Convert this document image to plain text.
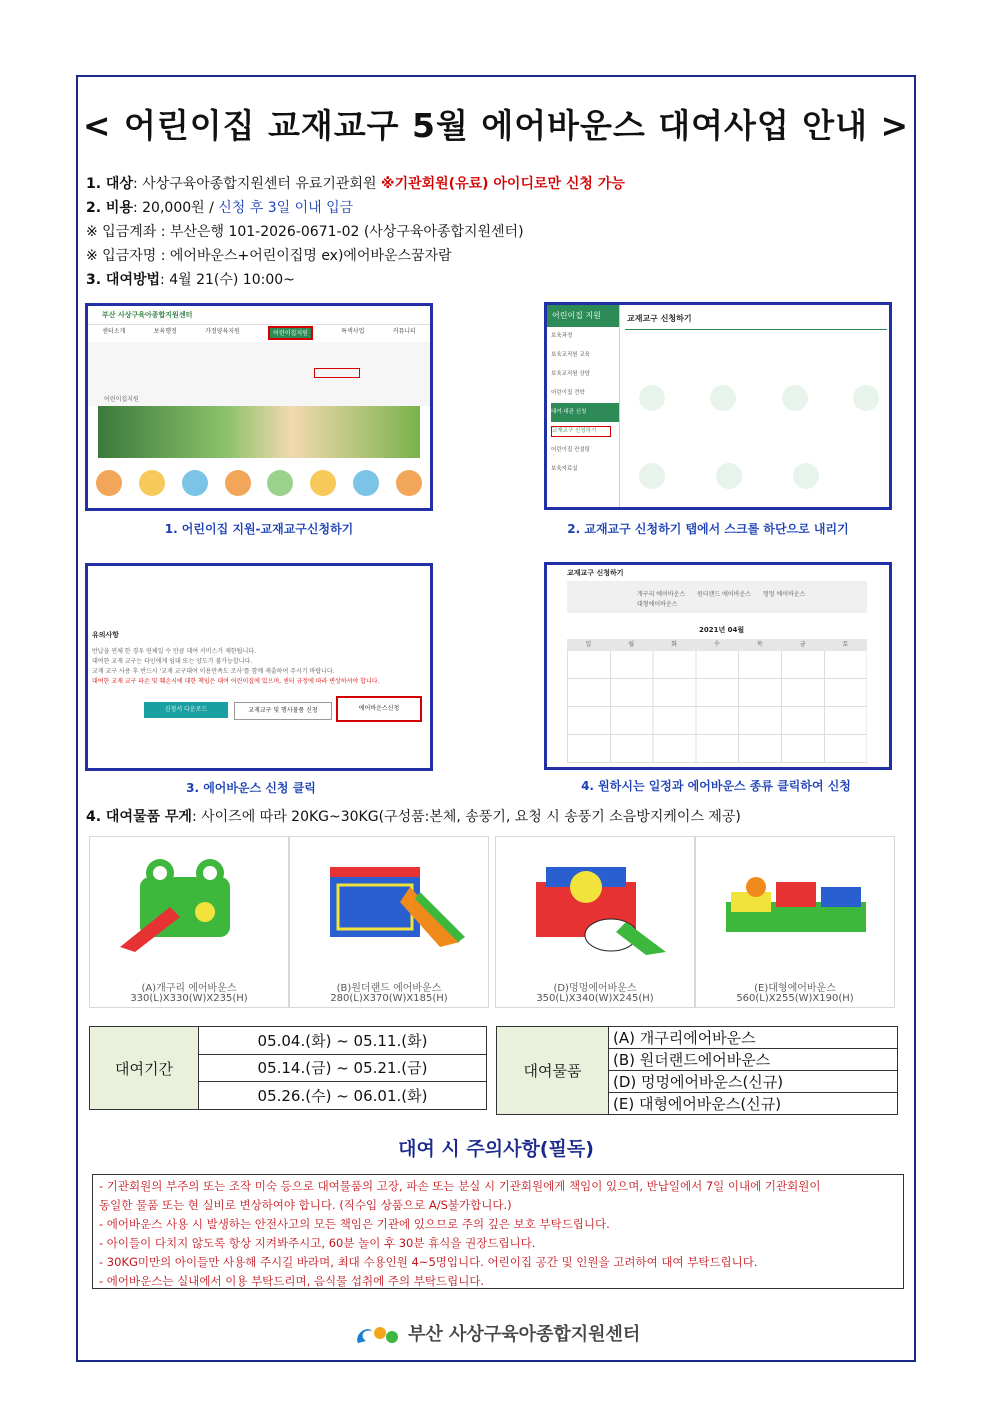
< 어린이집 교재교구 5월 에어바운스 대여사업 안내 >
1. 대상: 사상구육아종합지원센터 유료기관회원 ※기관회원(유료) 아이디로만 신청 가능
2. 비용: 20,000원 / 신청 후 3일 이내 입금
※ 입금계좌 : 부산은행 101-2026-0671-02 (사상구육아종합지원센터)
※ 입금자명 : 에어바운스+어린이집명 ex)에어바운스꿈자람
3. 대여방법: 4월 21(수) 10:00~
부산 사상구육아종합지원센터
센터소개	보육행정	가정양육지원	어린이집지원	특색사업	커뮤니티
어린이집지원
1. 어린이집 지원-교재교구신청하기
어린이집 지원
보육과정
보육교직원 교육
보육교직원 상담
어린이집 견학
대여·대관 신청
교재교구 신청하기
어린이집 컨설팅
보육자료실
교재교구 신청하기
2. 교재교구 신청하기 탭에서 스크롤 하단으로 내리기
유의사항
반납을 연체 한 경우 연체일 수 만큼 대여 서비스가 제한됩니다.
대여한 교재 교구는 타인에게 임대 또는 양도가 불가능합니다.
교재 교구 사용 후 반드시 '교재 교구대여 이용만족도 조사'를 함께 제출하여 주시기 바랍니다.
대여한 교재 교구 파손 및 훼손시에 대한 책임은 대여 어린이집에 있으며, 센터 규정에 따라 변상하셔야 합니다.
신청서 다운로드	교재교구 및 행사물품 신청	에어바운스신청
3. 에어바운스 신청 클릭
교재교구 신청하기
개구리 에어바운스 원더랜드 에어바운스 멍멍 에어바운스
대형에어바운스
2021년 04월
일	월	화	수	목	금	토
4. 원하시는 일정과 에어바운스 종류 클릭하여 신청
4. 대여물품 무게: 사이즈에 따라 20KG~30KG(구성품:본체, 송풍기, 요청 시 송풍기 소음방지케이스 제공)
(A)개구리 에어바운스
330(L)X330(W)X235(H)
(B)원더랜드 에어바운스
280(L)X370(W)X185(H)
(D)멍멍에어바운스
350(L)X340(W)X245(H)
(E)대형에어바운스
560(L)X255(W)X190(H)
대여기간	05.04.(화) ~ 05.11.(화)
05.14.(금) ~ 05.21.(금)
05.26.(수) ~ 06.01.(화)
대여물품	(A) 개구리에어바운스
(B) 원더랜드에어바운스
(D) 멍멍에어바운스(신규)
(E) 대형에어바운스(신규)
대여 시 주의사항(필독)
- 기관회원의 부주의 또는 조작 미숙 등으로 대여물품의 고장, 파손 또는 분실 시 기관회원에게 책임이 있으며, 반납일에서 7일 이내에 기관회원이
동일한 물품 또는 현 실비로 변상하여야 합니다. (직수입 상품으로 A/S불가합니다.)
- 에어바운스 사용 시 발생하는 안전사고의 모든 책임은 기관에 있으므로 주의 깊은 보호 부탁드립니다.
- 아이들이 다치지 않도록 항상 지켜봐주시고, 60분 놀이 후 30분 휴식을 권장드립니다.
- 30KG미만의 아이들만 사용해 주시길 바라며, 최대 수용인원 4~5명입니다. 어린이집 공간 및 인원을 고려하여 대여 부탁드립니다.
- 에어바운스는 실내에서 이용 부탁드리며, 음식물 섭취에 주의 부탁드립니다.
부산 사상구육아종합지원센터
